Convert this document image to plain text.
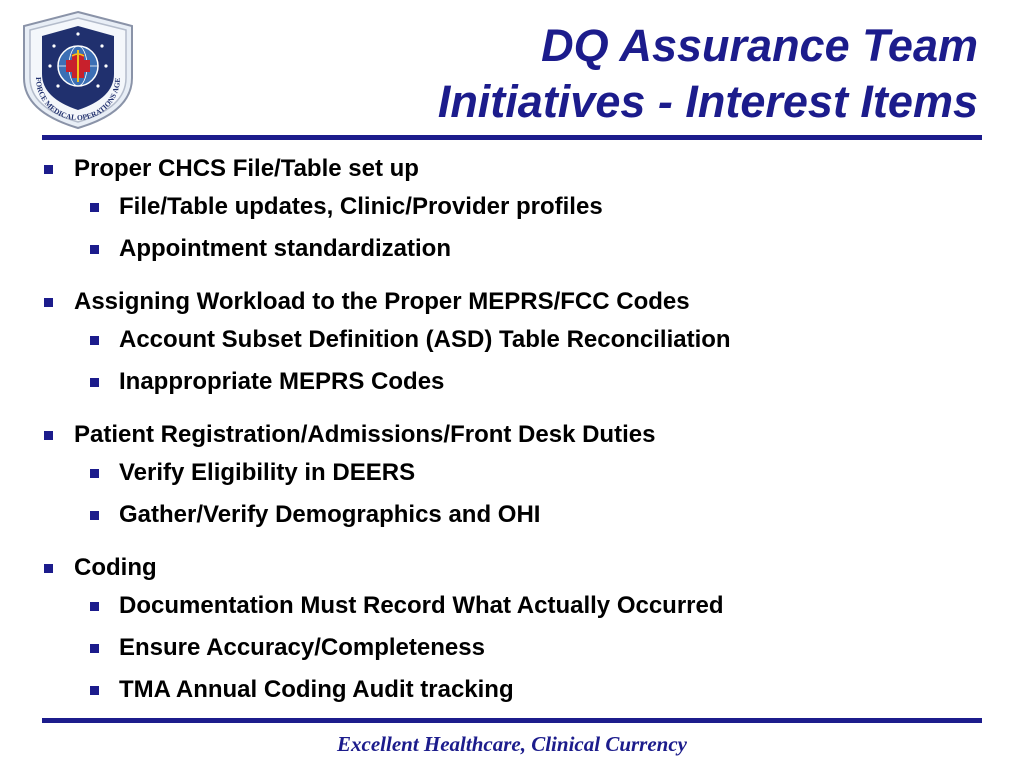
FORCE MEDICAL OPERATIONS AGE
DQ Assurance Team
Initiatives - Interest Items
Proper CHCS File/Table set up
File/Table updates, Clinic/Provider profiles
Appointment standardization
Assigning Workload to the Proper MEPRS/FCC Codes
Account Subset Definition (ASD) Table Reconciliation
Inappropriate MEPRS Codes
Patient Registration/Admissions/Front Desk Duties
Verify Eligibility in DEERS
Gather/Verify Demographics and OHI
Coding
Documentation Must Record What Actually Occurred
Ensure Accuracy/Completeness
TMA Annual Coding Audit tracking
Excellent Healthcare, Clinical Currency
